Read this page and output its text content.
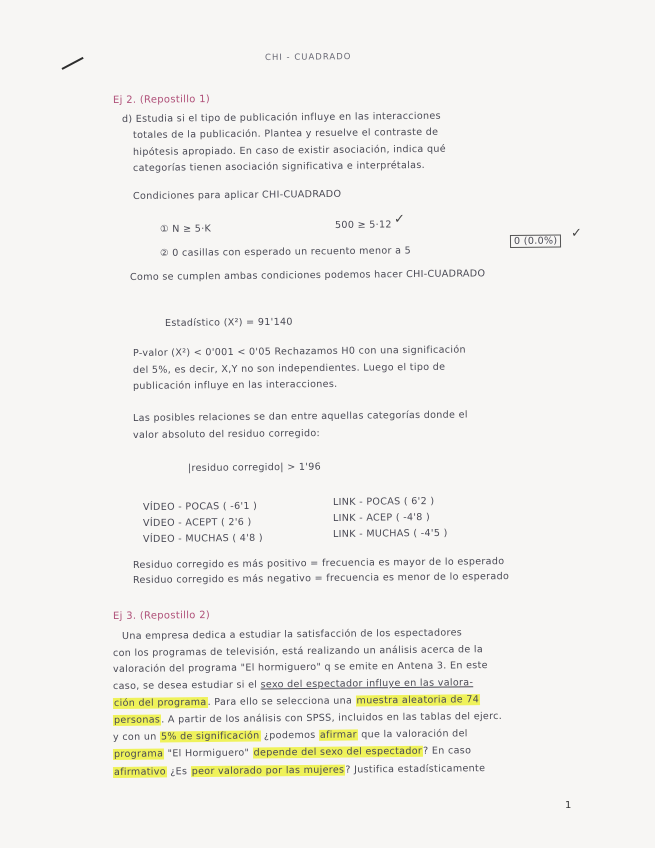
CHI - CUADRADO
Ej 2. (Repostillo 1)
d) Estudia si el tipo de publicación influye en las interacciones
totales de la publicación. Plantea y resuelve el contraste de
hipótesis apropiado. En caso de existir asociación, indica qué
categorías tienen asociación significativa e interprétalas.
Condiciones para aplicar CHI-CUADRADO
① N ≥ 5·K	500 ≥ 5·12 ✓
② 0 casillas con esperado un recuento menor a 5
0 (0.0%)
✓
Como se cumplen ambas condiciones podemos hacer CHI-CUADRADO
Estadístico (X²) = 91'140
P-valor (X²) < 0'001 < 0'05 Rechazamos H0 con una significación
del 5%, es decir, X,Y no son independientes. Luego el tipo de
publicación influye en las interacciones.
Las posibles relaciones se dan entre aquellas categorías donde el
valor absoluto del residuo corregido:
|residuo corregido| > 1'96
VÍDEO - POCAS ( -6'1 )
VÍDEO - ACEPT ( 2'6 )
VÍDEO - MUCHAS ( 4'8 )
LINK - POCAS ( 6'2 )
LINK - ACEP ( -4'8 )
LINK - MUCHAS ( -4'5 )
Residuo corregido es más positivo = frecuencia es mayor de lo esperado
Residuo corregido es más negativo = frecuencia es menor de lo esperado
Ej 3. (Repostillo 2)
Una empresa dedica a estudiar la satisfacción de los espectadores
con los programas de televisión, está realizando un análisis acerca de la
valoración del programa "El hormiguero" q se emite en Antena 3. En este
caso, se desea estudiar si el sexo del espectador influye en las valora-
ción del programa. Para ello se selecciona una muestra aleatoria de 74
personas. A partir de los análisis con SPSS, incluidos en las tablas del ejerc.
y con un 5% de significación ¿podemos afirmar que la valoración del
programa "El Hormiguero" depende del sexo del espectador? En caso
afirmativo ¿Es peor valorado por las mujeres? Justifica estadísticamente
1
